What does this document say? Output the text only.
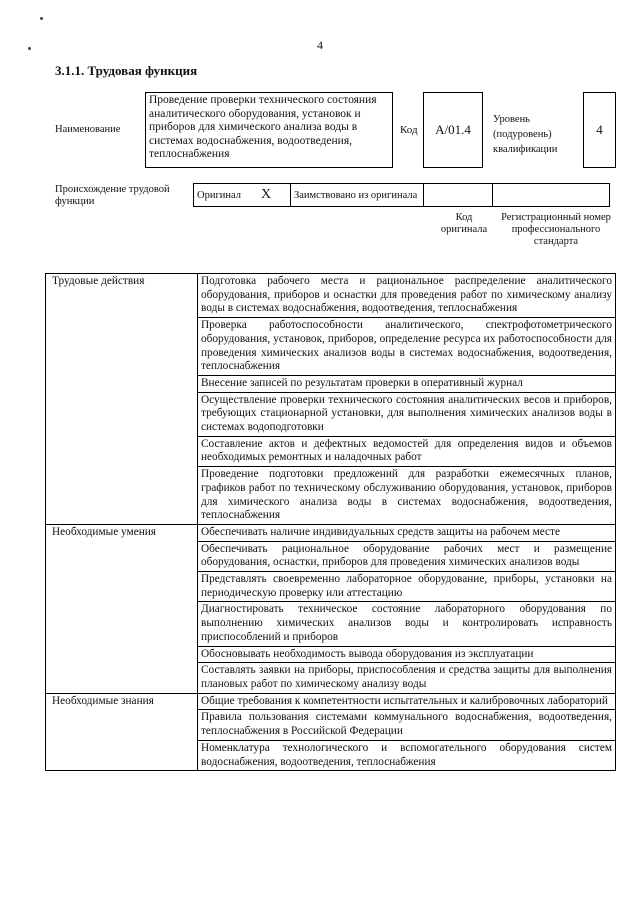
4
3.1.1. Трудовая функция
Наименование
Проведение проверки технического состояния аналитического оборудования, установок и приборов для химического анализа воды в системах водоснабжения, водоотведения, теплоснабжения
Код А/01.4
Уровень (подуровень) квалификации
4
Происхождение трудовой функции
Оригинал	X	Заимствовано из оригинала		
Код оригинала
Регистрационный номер профессионального стандарта
Трудовые действия	Подготовка рабочего места и рациональное распределение аналитического оборудования, приборов и оснастки для проведения работ по химическому анализу воды в системах водоснабжения, водоотведения, теплоснабжения
	Проверка работоспособности аналитического, спектрофотометрического оборудования, установок, приборов, определение ресурса их работоспособности для проведения химических анализов воды в системах водоснабжения, водоотведения, теплоснабжения
	Внесение записей по результатам проверки в оперативный журнал
	Осуществление проверки технического состояния аналитических весов и приборов, требующих стационарной установки, для выполнения химических анализов воды в системах водоподготовки
	Составление актов и дефектных ведомостей для определения видов и объемов необходимых ремонтных и наладочных работ
	Проведение подготовки предложений для разработки ежемесячных планов, графиков работ по техническому обслуживанию оборудования, установок, приборов для химического анализа воды в системах водоснабжения, водоотведения, теплоснабжения
Необходимые умения	Обеспечивать наличие индивидуальных средств защиты на рабочем месте
	Обеспечивать рациональное оборудование рабочих мест и размещение оборудования, оснастки, приборов для проведения химических анализов воды
	Представлять своевременно лабораторное оборудование, приборы, установки на периодическую проверку или аттестацию
	Диагностировать техническое состояние лабораторного оборудования по выполнению химических анализов воды и контролировать исправность приспособлений и приборов
	Обосновывать необходимость вывода оборудования из эксплуатации
	Составлять заявки на приборы, приспособления и средства защиты для выполнения плановых работ по химическому анализу воды
Необходимые знания	Общие требования к компетентности испытательных и калибровочных лабораторий
	Правила пользования системами коммунального водоснабжения, водоотведения, теплоснабжения в Российской Федерации
	Номенклатура технологического и вспомогательного оборудования систем водоснабжения, водоотведения, теплоснабжения
